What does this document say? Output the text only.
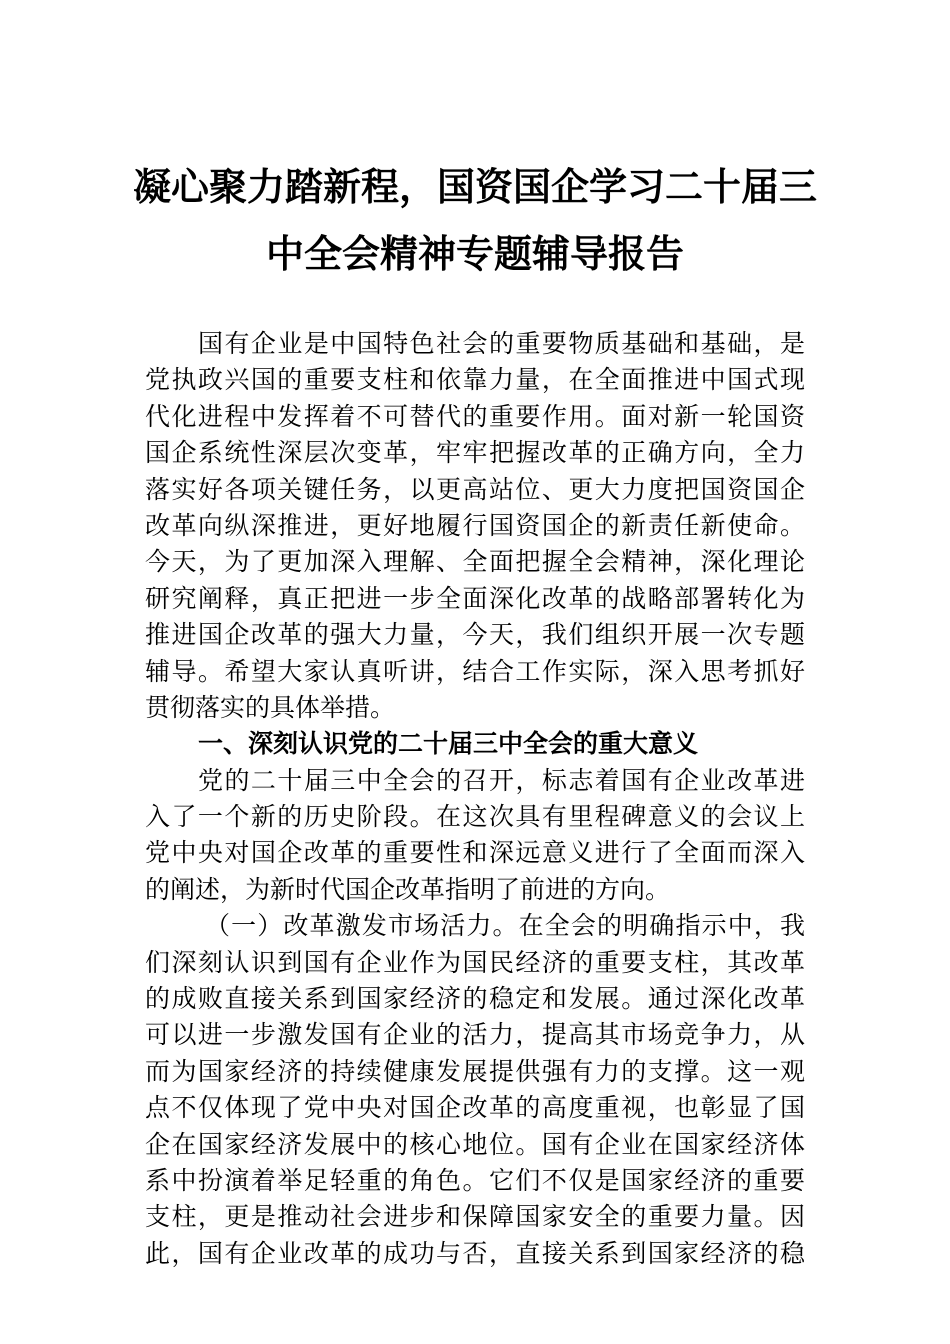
凝心聚力踏新程，国资国企学习二十届三
中全会精神专题辅导报告
国有企业是中国特色社会的重要物质基础和基础，是
党执政兴国的重要支柱和依靠力量，在全面推进中国式现
代化进程中发挥着不可替代的重要作用。面对新一轮国资
国企系统性深层次变革，牢牢把握改革的正确方向，全力
落实好各项关键任务，以更高站位、更大力度把国资国企
改革向纵深推进，更好地履行国资国企的新责任新使命。
今天，为了更加深入理解、全面把握全会精神，深化理论
研究阐释，真正把进一步全面深化改革的战略部署转化为
推进国企改革的强大力量，今天，我们组织开展一次专题
辅导。希望大家认真听讲，结合工作实际，深入思考抓好
贯彻落实的具体举措。
一、深刻认识党的二十届三中全会的重大意义
党的二十届三中全会的召开，标志着国有企业改革进
入了一个新的历史阶段。在这次具有里程碑意义的会议上
党中央对国企改革的重要性和深远意义进行了全面而深入
的阐述，为新时代国企改革指明了前进的方向。
（一）改革激发市场活力。在全会的明确指示中，我
们深刻认识到国有企业作为国民经济的重要支柱，其改革
的成败直接关系到国家经济的稳定和发展。通过深化改革
可以进一步激发国有企业的活力，提高其市场竞争力，从
而为国家经济的持续健康发展提供强有力的支撑。这一观
点不仅体现了党中央对国企改革的高度重视，也彰显了国
企在国家经济发展中的核心地位。国有企业在国家经济体
系中扮演着举足轻重的角色。它们不仅是国家经济的重要
支柱，更是推动社会进步和保障国家安全的重要力量。因
此，国有企业改革的成功与否，直接关系到国家经济的稳
